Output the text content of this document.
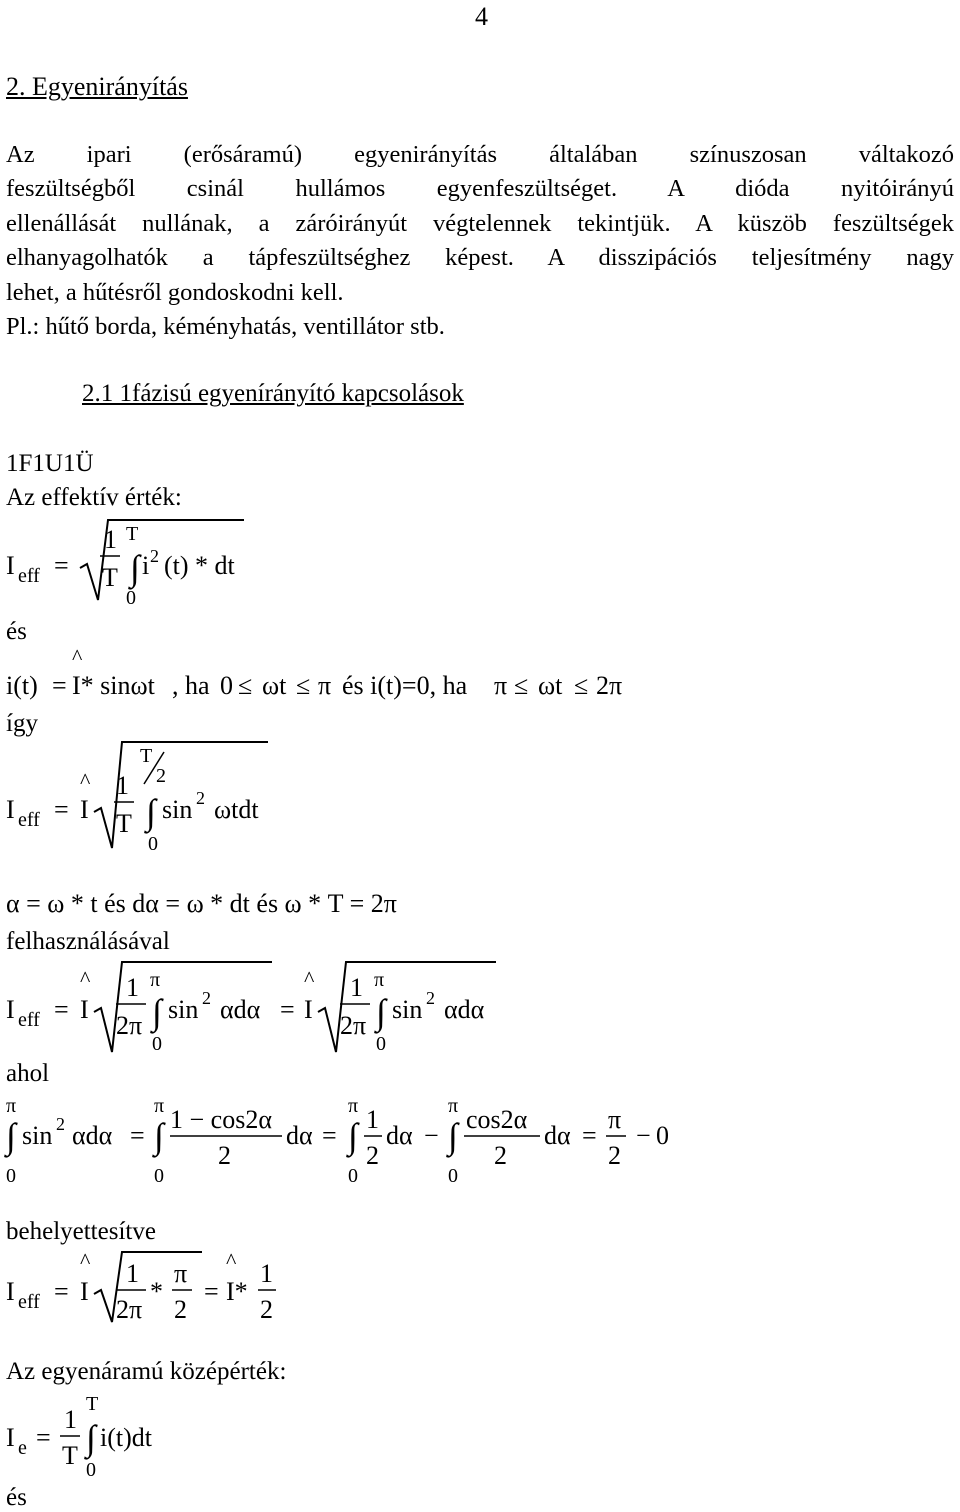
4
2. Egyenirányítás

Az ipari (erősáramú) egyenirányítás általában színuszosan váltakozó

feszültségből csinál hullámos egyenfeszültséget. A dióda nyitóirányú

ellenállását nullának, a záróirányút végtelennek tekintjük. A küszöb feszültségek

elhanyagolhatók a tápfeszültséghez képest. A disszipációs teljesítmény nagy

lehet, a hűtésről gondoskodni kell.

Pl.: hűtő borda, kéményhatás, ventillátor stb.

2.1 1fázisú egyenírányító kapcsolások
1F1U1Ü
Az effektív érték:
és
így
felhasználásával
ahol
behelyettesítve
Az egyenáramú középérték:
és
I eff =
1
T ∫
T
0
i 2 (t) * dt
i(t) =
^
I* sinωt , ha 0 ≤ ωt ≤ π és i(t)=0, ha π ≤ ωt ≤ 2π
I eff =
^
I
1
T
T
2
∫
0
sin 2 ωtdt
α = ω * t és dα = ω * dt és ω * T = 2π
I eff =
^
I
1
2π
π
∫
0
sin 2 αdα =
^
I
1
2π
π
∫
0
sin 2 αdα
π
∫
0
sin 2 αdα =
π
∫
0
1 − cos2α
2
dα =
π
∫
0
1
2
dα −
π
∫
0
cos2α
2
dα =
π
2
− 0
I eff =
^
I
1
2π
*
π
2
=
^
I*
1
2
I e =
1
T
T
∫
0
i(t)dt
